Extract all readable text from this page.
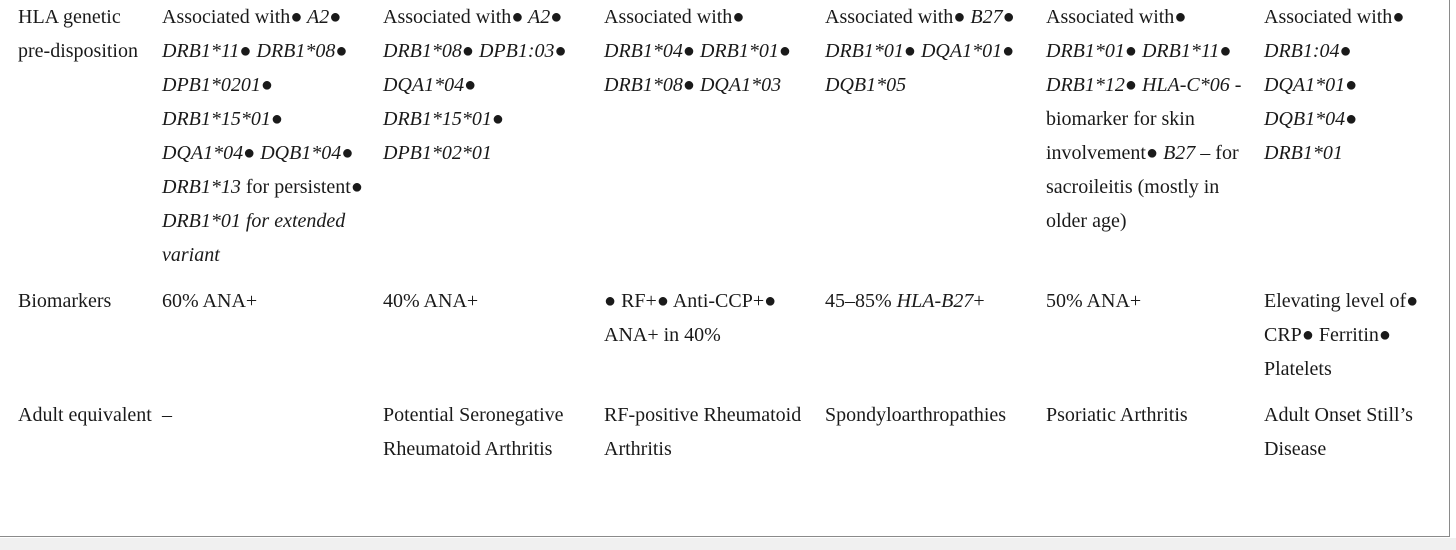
HLA genetic pre-disposition	Associated with● A2● DRB1*11● DRB1*08● DPB1*0201● DRB1*15*01● DQA1*04● DQB1*04● DRB1*13 for persistent● DRB1*01 for extended variant	Associated with● A2● DRB1*08● DPB1:03● DQA1*04● DRB1*15*01● DPB1*02*01	Associated with● DRB1*04● DRB1*01● DRB1*08● DQA1*03	Associated with● B27● DRB1*01● DQA1*01● DQB1*05	Associated with● DRB1*01● DRB1*11● DRB1*12● HLA-C*06 - biomarker for skin involvement● B27 – for sacroileitis (mostly in older age)	Associated with● DRB1:04● DQA1*01● DQB1*04● DRB1*01
Biomarkers	60% ANA+	40% ANA+	● RF+● Anti-CCP+● ANA+ in 40%	45–85% HLA-B27+	50% ANA+	Elevating level of● CRP● Ferritin● Platelets
Adult equivalent	–	Potential Seronegative Rheumatoid Arthritis	RF-positive Rheumatoid Arthritis	Spondyloarthropathies	Psoriatic Arthritis	Adult Onset Still’s Disease
